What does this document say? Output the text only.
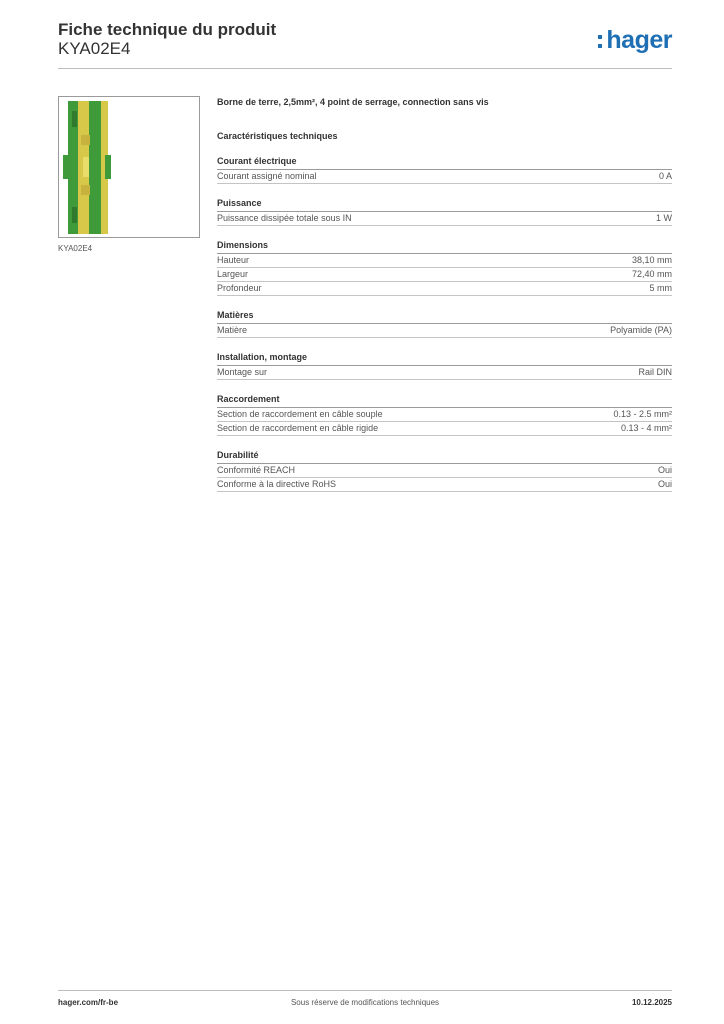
Fiche technique du produit
KYA02E4	hager
KYA02E4
Borne de terre, 2,5mm², 4 point de serrage, connection sans vis
Caractéristiques techniques
Courant électrique
Courant assigné nominal	0 A
Puissance
Puissance dissipée totale sous IN	1 W
Dimensions
Hauteur	38,10 mm
Largeur	72,40 mm
Profondeur	5 mm
Matières
Matière	Polyamide (PA)
Installation, montage
Montage sur	Rail DIN
Raccordement
Section de raccordement en câble souple	0.13 - 2.5 mm²
Section de raccordement en câble rigide	0.13 - 4 mm²
Durabilité
Conformité REACH	Oui
Conforme à la directive RoHS	Oui
hager.com/fr-be	Sous réserve de modifications techniques	10.12.2025
